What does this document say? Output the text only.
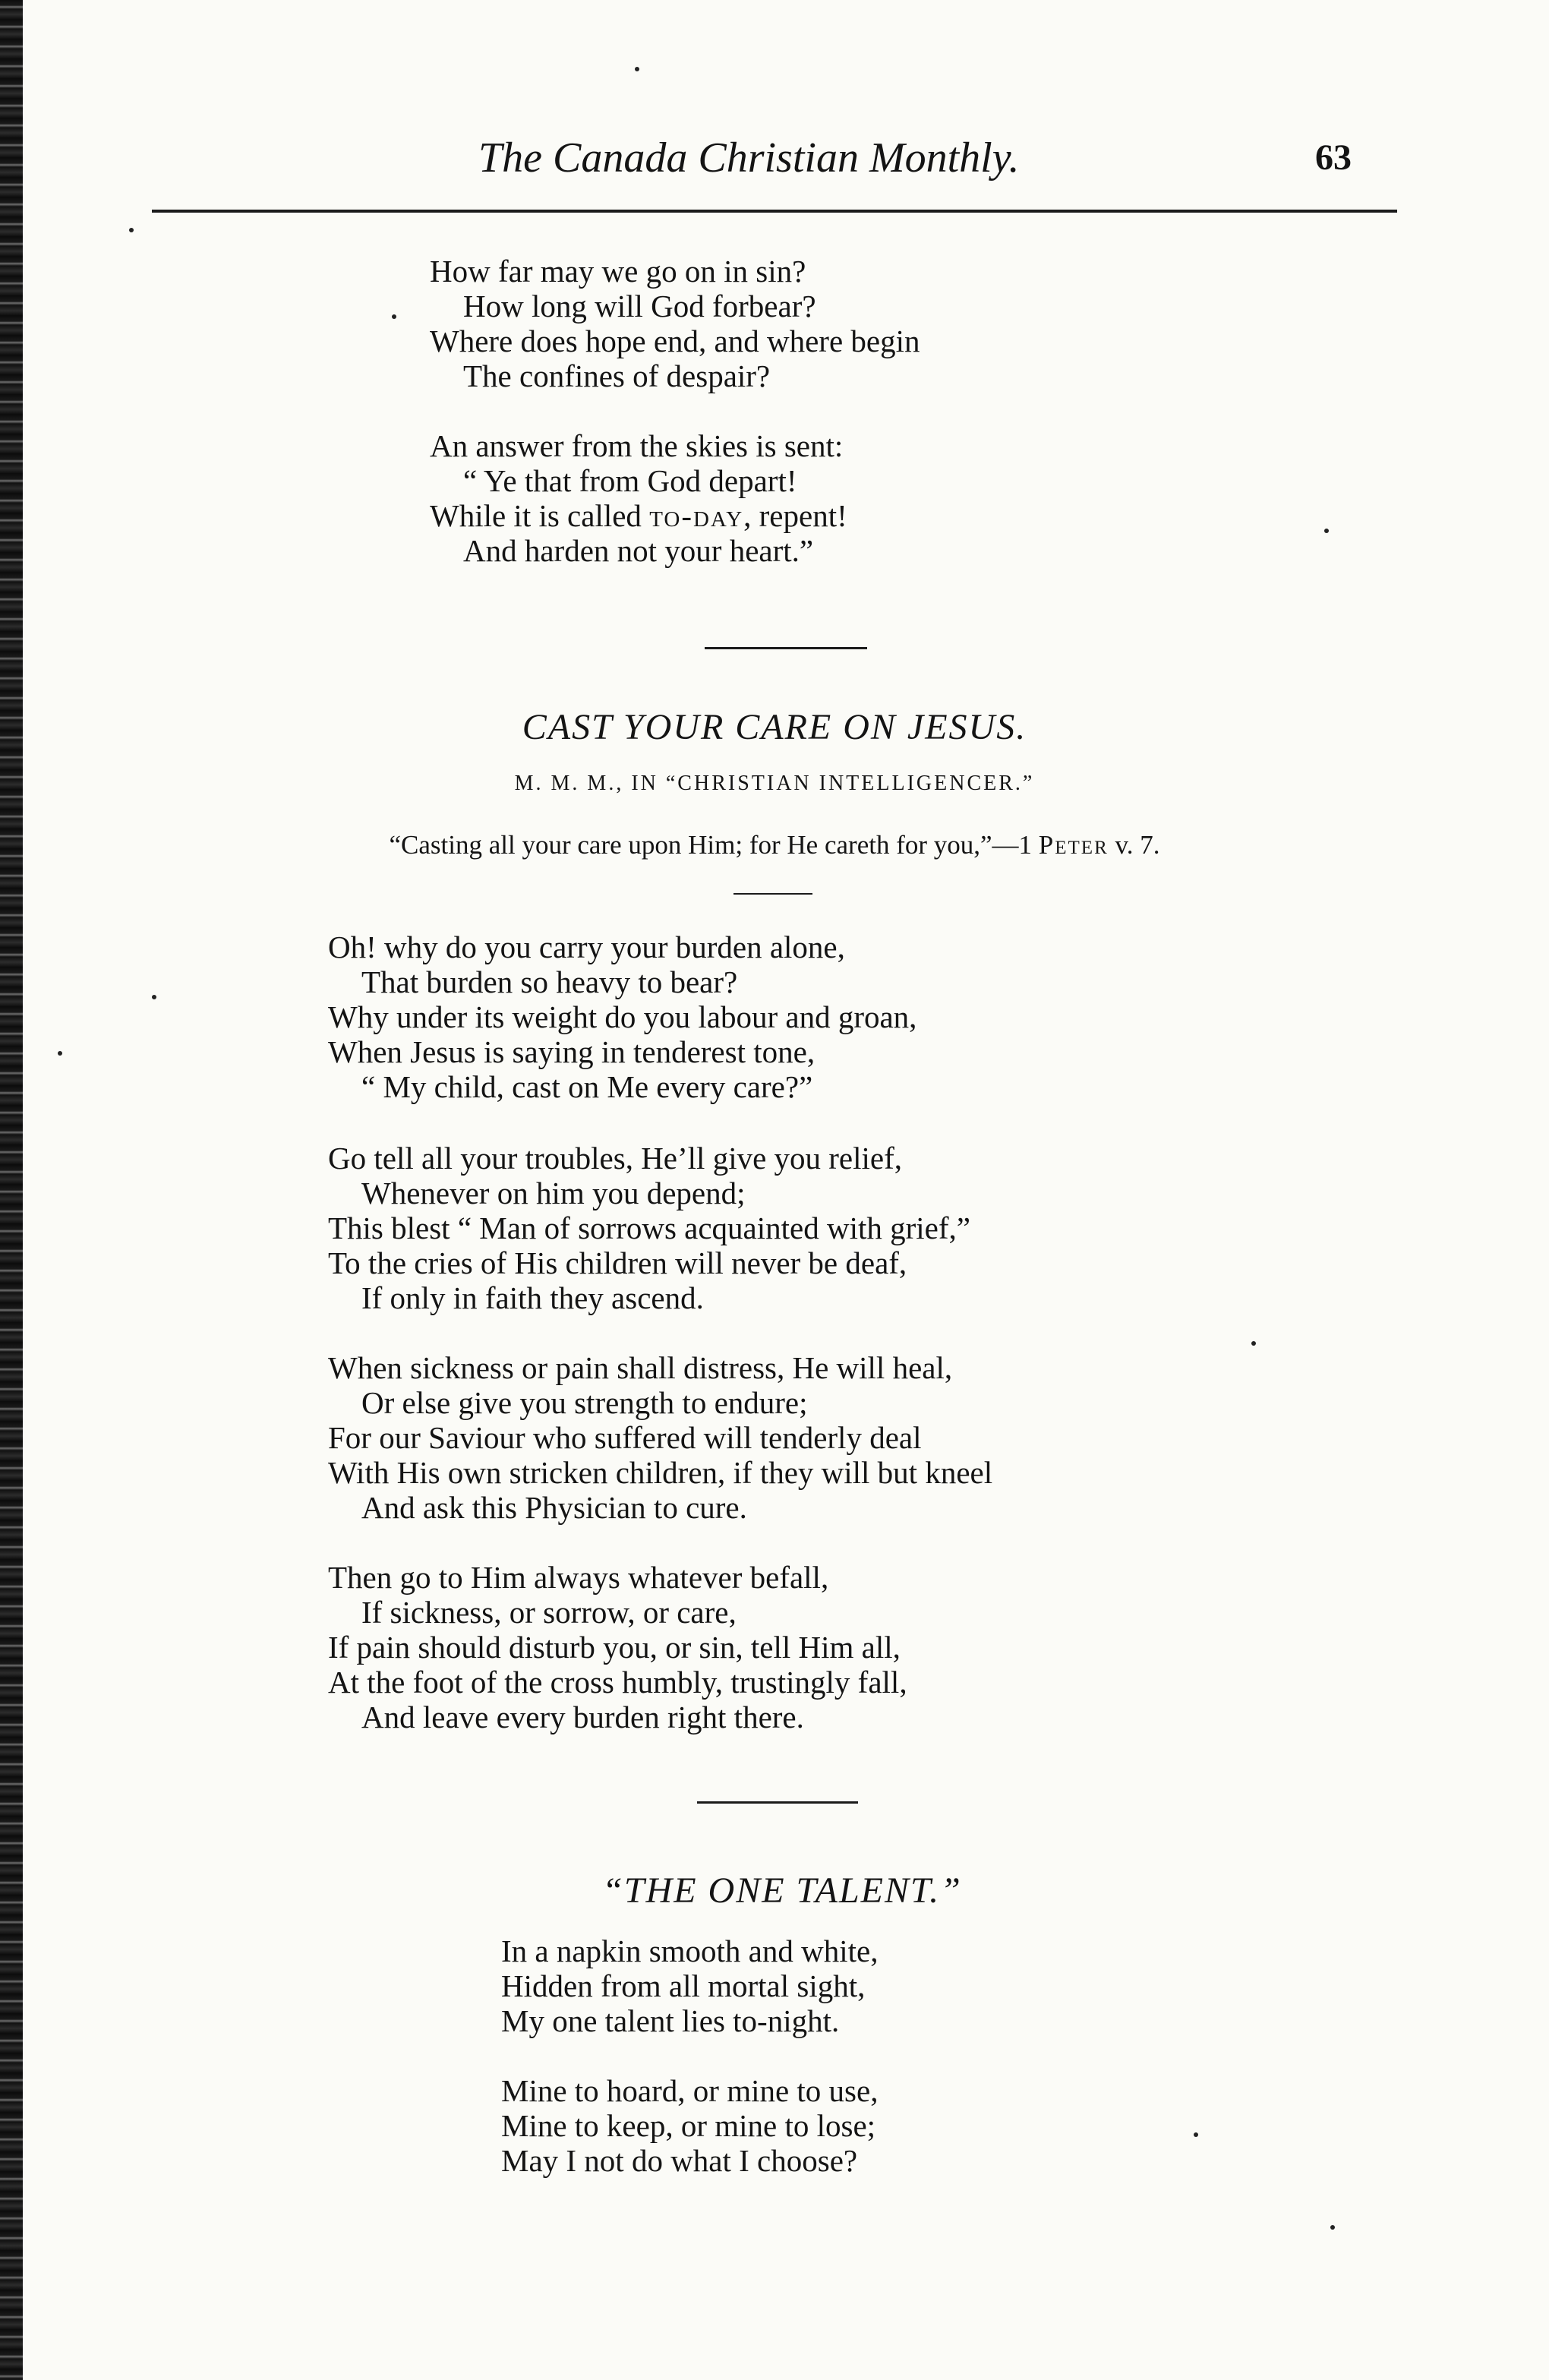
The Canada Christian Monthly.	63
How far may we go on in sin?
How long will God forbear?
Where does hope end, and where begin
The confines of despair?
An answer from the skies is sent:
“ Ye that from God depart!
While it is called to-day, repent!
And harden not your heart.”
CAST YOUR CARE ON JESUS.
M. M. M., IN “CHRISTIAN INTELLIGENCER.”
“Casting all your care upon Him; for He careth for you,”—1 Peter v. 7.
Oh! why do you carry your burden alone,
That burden so heavy to bear?
Why under its weight do you labour and groan,
When Jesus is saying in tenderest tone,
“ My child, cast on Me every care?”
Go tell all your troubles, He’ll give you relief,
Whenever on him you depend;
This blest “ Man of sorrows acquainted with grief,”
To the cries of His children will never be deaf,
If only in faith they ascend.
When sickness or pain shall distress, He will heal,
Or else give you strength to endure;
For our Saviour who suffered will tenderly deal
With His own stricken children, if they will but kneel
And ask this Physician to cure.
Then go to Him always whatever befall,
If sickness, or sorrow, or care,
If pain should disturb you, or sin, tell Him all,
At the foot of the cross humbly, trustingly fall,
And leave every burden right there.
“THE ONE TALENT.”
In a napkin smooth and white,
Hidden from all mortal sight,
My one talent lies to-night.
Mine to hoard, or mine to use,
Mine to keep, or mine to lose;
May I not do what I choose?
